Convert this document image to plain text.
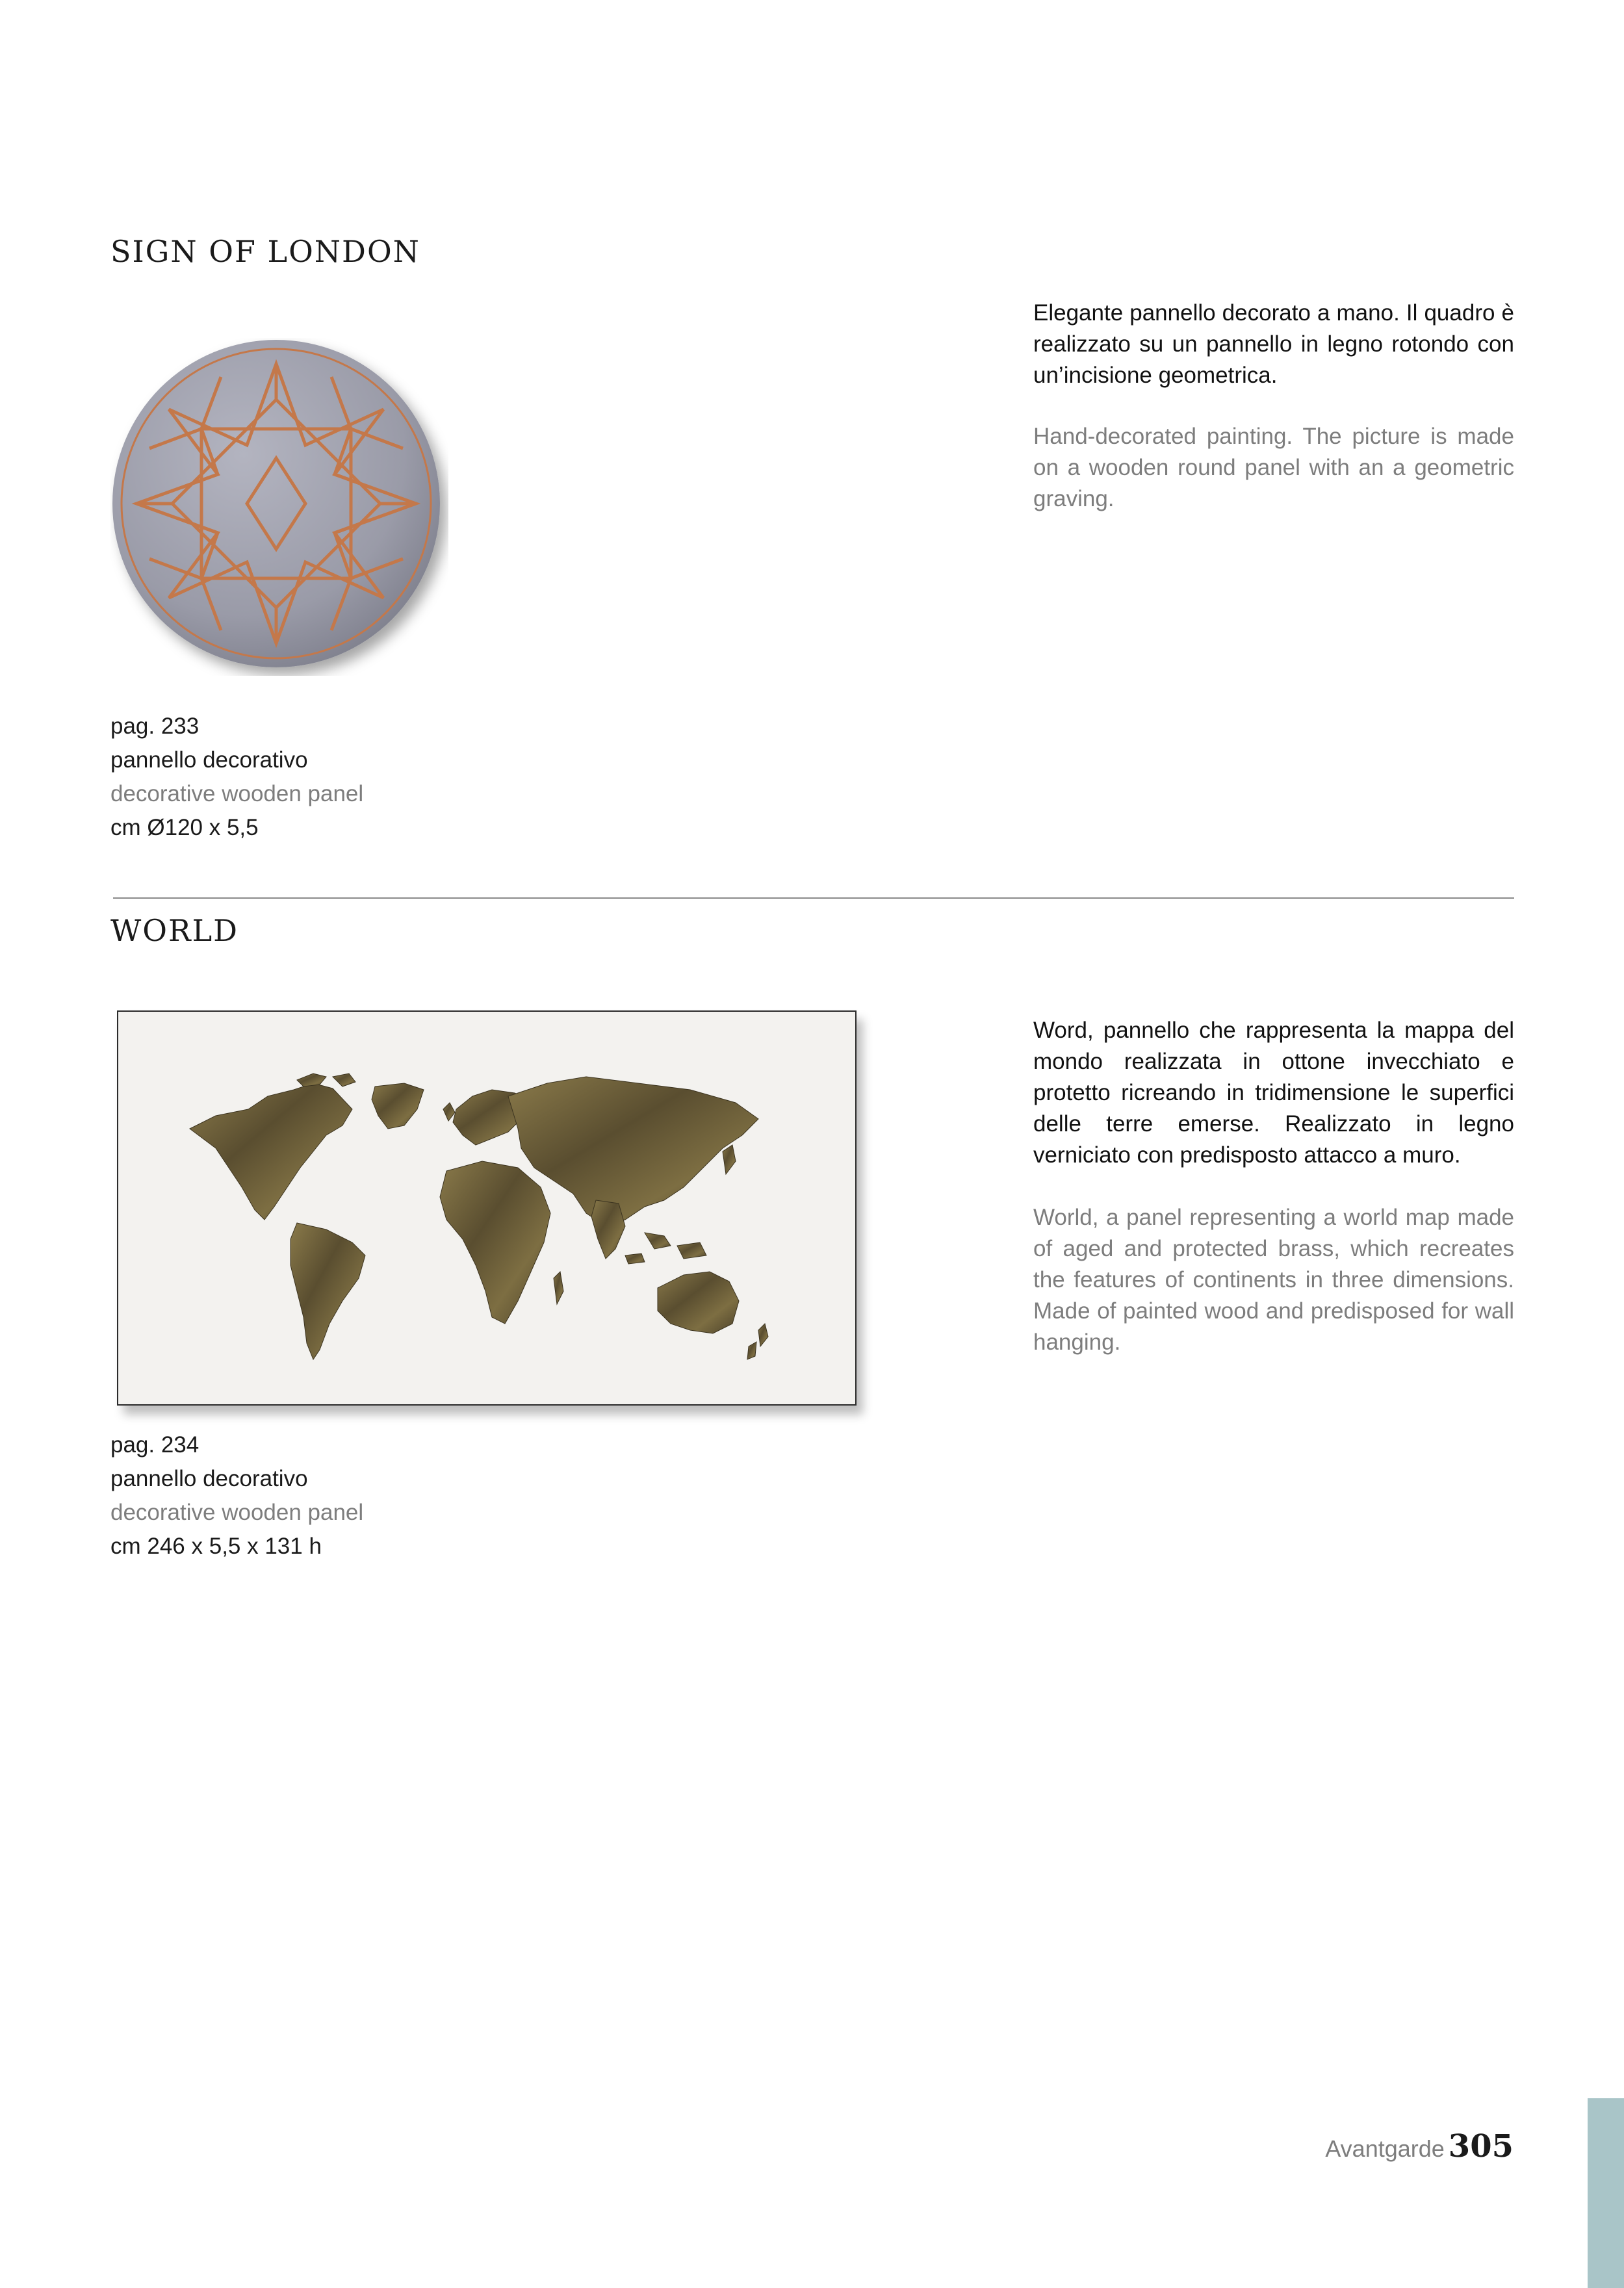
SIGN OF LONDON

Elegante pannello decorato a mano. Il quadro è realizzato su un pannello in legno rotondo con un’incisione geometrica.

Hand-decorated painting. The picture is made on a wooden round panel with an a geometric graving.

pag. 233
pannello decorativo
decorative wooden panel
cm Ø120 x 5,5
WORLD

Word, pannello che rappresenta la mappa del mondo realizzata in ottone invecchiato e protetto ricreando in tridimensione le superfici delle terre emerse. Realizzato in legno verniciato con predisposto attacco a muro.

World, a panel representing a world map made of aged and protected brass, which recreates the features of continents in three dimensions. Made of painted wood and predisposed for wall hanging.

pag. 234
pannello decorativo
decorative wooden panel
cm 246 x 5,5 x 131 h
Avantgarde 305
